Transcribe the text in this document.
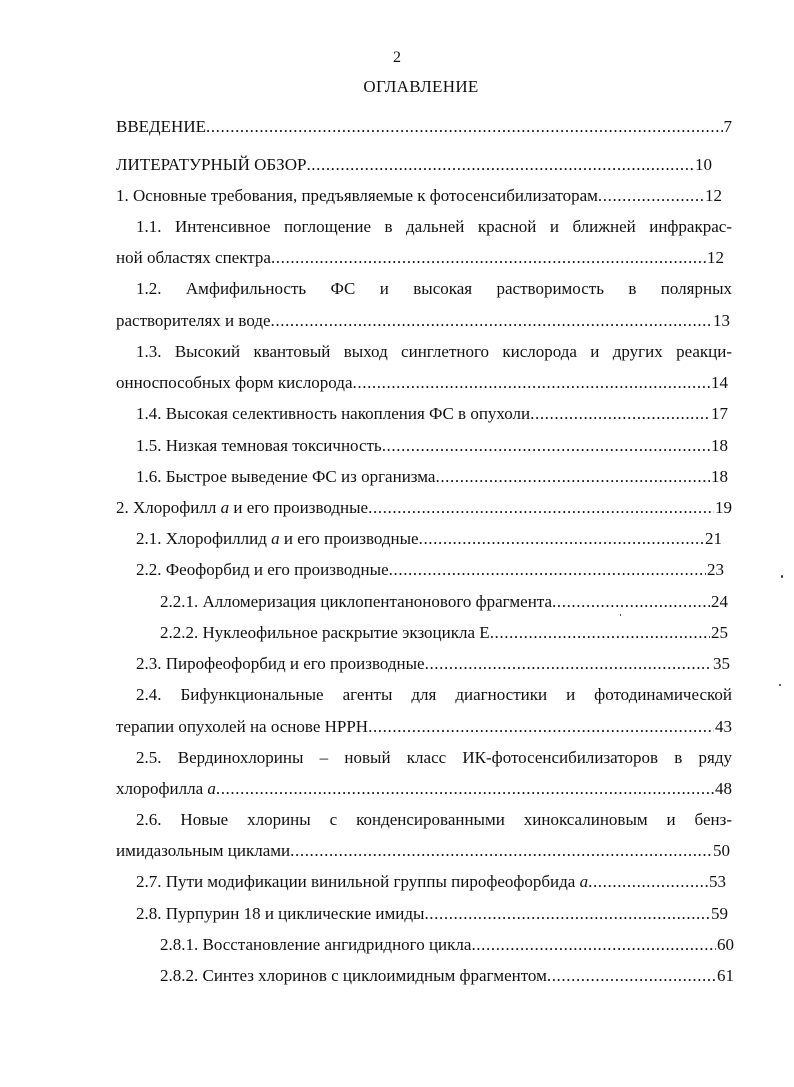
2
ОГЛАВЛЕНИЕ
ВВЕДЕНИЕ .....	7
ЛИТЕРАТУРНЫЙ ОБЗОР .....	10
1. Основные требования, предъявляемые к фотосенсибилизаторам .....	12
1.1. Интенсивное поглощение в дальней красной и ближней инфракрас-
ной областях спектра .....	12
1.2. Амфифильность ФС и высокая растворимость в полярных
растворителях и воде .....	13
1.3. Высокий квантовый выход синглетного кислорода и других реакци-
онноспособных форм кислорода .....	14
1.4. Высокая селективность накопления ФС в опухоли .....	17
1.5. Низкая темновая токсичность .....	18
1.6. Быстрое выведение ФС из организма .....	18
2. Хлорофилл a и его производные .....	19
2.1. Хлорофиллид a и его производные .....	21
2.2. Феофорбид и его производные .....	23
2.2.1. Алломеризация циклопентанонового фрагмента .....	24
2.2.2. Нуклеофильное раскрытие экзоцикла Е .....	25
2.3. Пирофеофорбид и его производные .....	35
2.4. Бифункциональные агенты для диагностики и фотодинамической
терапии опухолей на основе НРРН .....	43
2.5. Вердинохлорины – новый класс ИК-фотосенсибилизаторов в ряду
хлорофилла a .....	48
2.6. Новые хлорины с конденсированными хиноксалиновым и бенз-
имидазольным циклами .....	50
2.7. Пути модификации винильной группы пирофеофорбида a .....	53
2.8. Пурпурин 18 и циклические имиды .....	59
2.8.1. Восстановление ангидридного цикла .....	60
2.8.2. Синтез хлоринов с циклоимидным фрагментом .....	61
